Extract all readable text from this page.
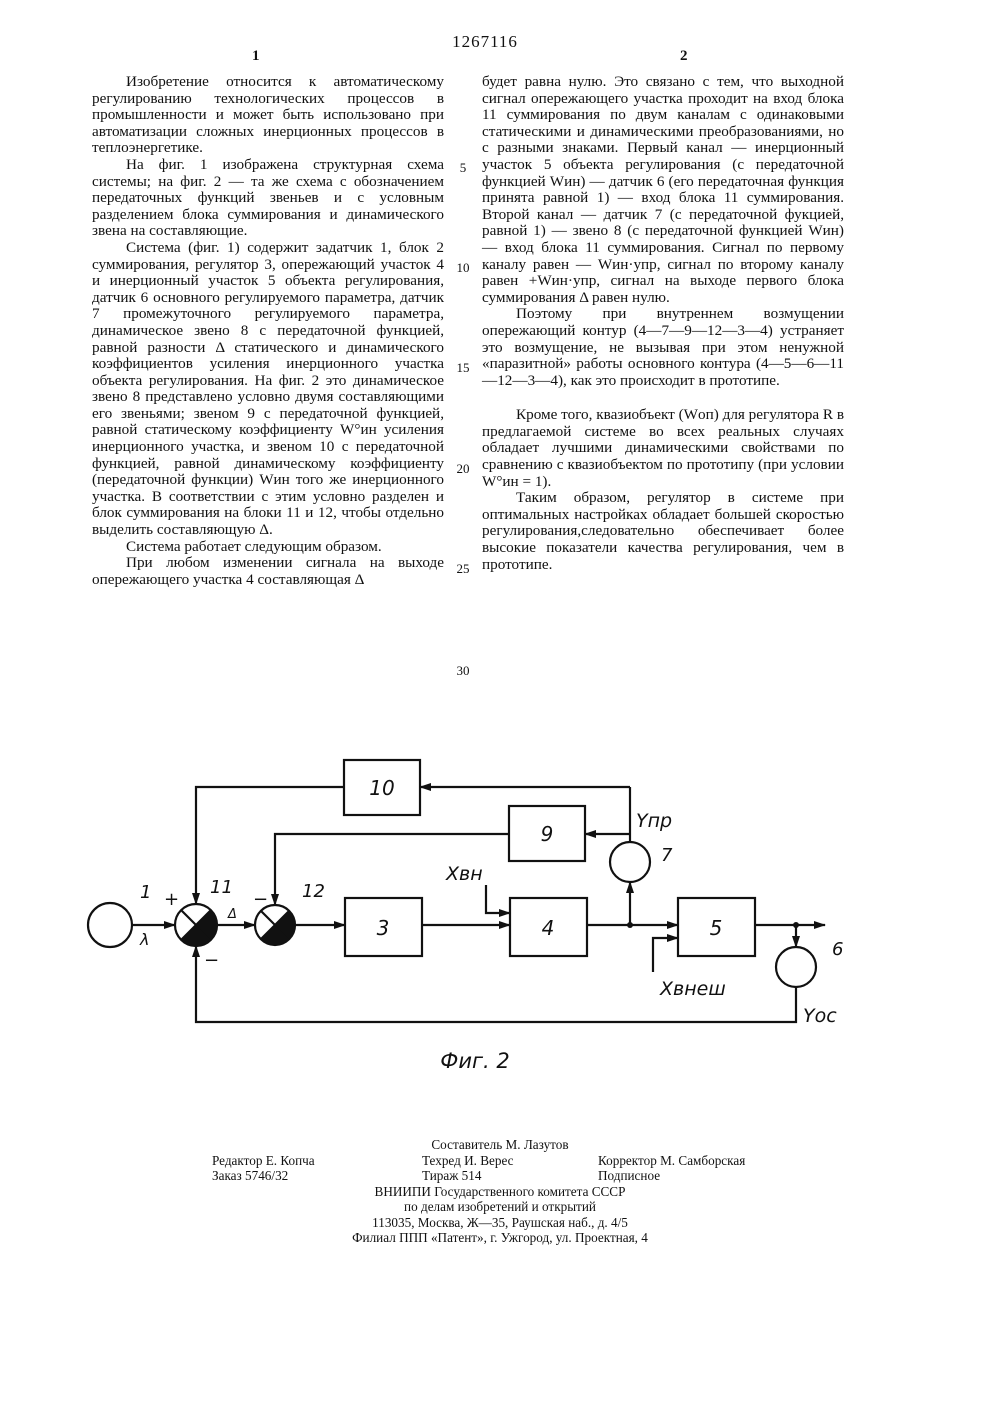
1267116
1	2

Изобретение относится к автоматическому регулированию технологических процессов в промышленности и может быть использовано при автоматизации сложных инерционных процессов в теплоэнергетике.

На фиг. 1 изображена структурная схема системы; на фиг. 2 — та же схема с обозначением передаточных функций звеньев и с условным разделением блока суммирования и динамического звена на составляющие.

Система (фиг. 1) содержит задатчик 1, блок 2 суммирования, регулятор 3, опережающий участок 4 и инерционный участок 5 объекта регулирования, датчик 6 основного регулируемого параметра, датчик 7 промежуточного регулируемого параметра, динамическое звено 8 с передаточной функцией, равной разности Δ статического и динамического коэффициентов усиления инерционного участка объекта регулирования. На фиг. 2 это динамическое звено 8 представлено условно двумя составляющими его звеньями; звеном 9 с передаточной функцией, равной статическому коэффициенту W°ин усиления инерционного участка, и звеном 10 с передаточной функцией, равной динамическому коэффициенту (передаточной функции) Wин того же инерционного участка. В соответствии с этим условно разделен и блок суммирования на блоки 11 и 12, чтобы отдельно выделить составляющую Δ.

Система работает следующим образом.

При любом изменении сигнала на выходе опережающего участка 4 составляющая Δ

5
10
15
20
25
30

будет равна нулю. Это связано с тем, что выходной сигнал опережающего участка проходит на вход блока 11 суммирования по двум каналам с одинаковыми статическими и динамическими преобразованиями, но с разными знаками. Первый канал — инерционный участок 5 объекта регулирования (с передаточной функцией Wин) — датчик 6 (его передаточная функция принята равной 1) — вход блока 11 суммирования. Второй канал — датчик 7 (с передаточной фукцией, равной 1) — звено 8 (с передаточной функцией Wин) — вход блока 11 суммирования. Сигнал по первому каналу равен — Wин·yпр, сигнал по второму каналу равен +Wин·yпр, сигнал на выходе первого блока суммирования Δ равен нулю.

Поэтому при внутреннем возмущении опережающий контур (4—7—9—12—3—4) устраняет это возмущение, не вызывая при этом ненужной «паразитной» работы основного контура (4—5—6—11—12—3—4), как это происходит в прототипе.

Кроме того, квазиобъект (Wоп) для регулятора R в предлагаемой системе во всех реальных случаях обладает лучшими динамическими свойствами по сравнению с квазиобъектом по прототипу (при условии W°ин = 1).

Таким образом, регулятор в системе при оптимальных настройках обладает большей скоростью регулирования,следовательно обеспечивает более высокие показатели качества регулирования, чем в прототипе.

10
9
3	4	5
1	11	12
7
6
λ
+
−
−
Δ
Xвн
Xвнеш
Yпр
Yос
Фиг. 2
Составитель М. Лазутов
Редактор Е. Копча	Техред И. Верес	Корректор М. Самборская
Заказ 5746/32	Тираж 514	Подписное
ВНИИПИ Государственного комитета СССР
по делам изобретений и открытий
113035, Москва, Ж—35, Раушская наб., д. 4/5
Филиал ППП «Патент», г. Ужгород, ул. Проектная, 4
